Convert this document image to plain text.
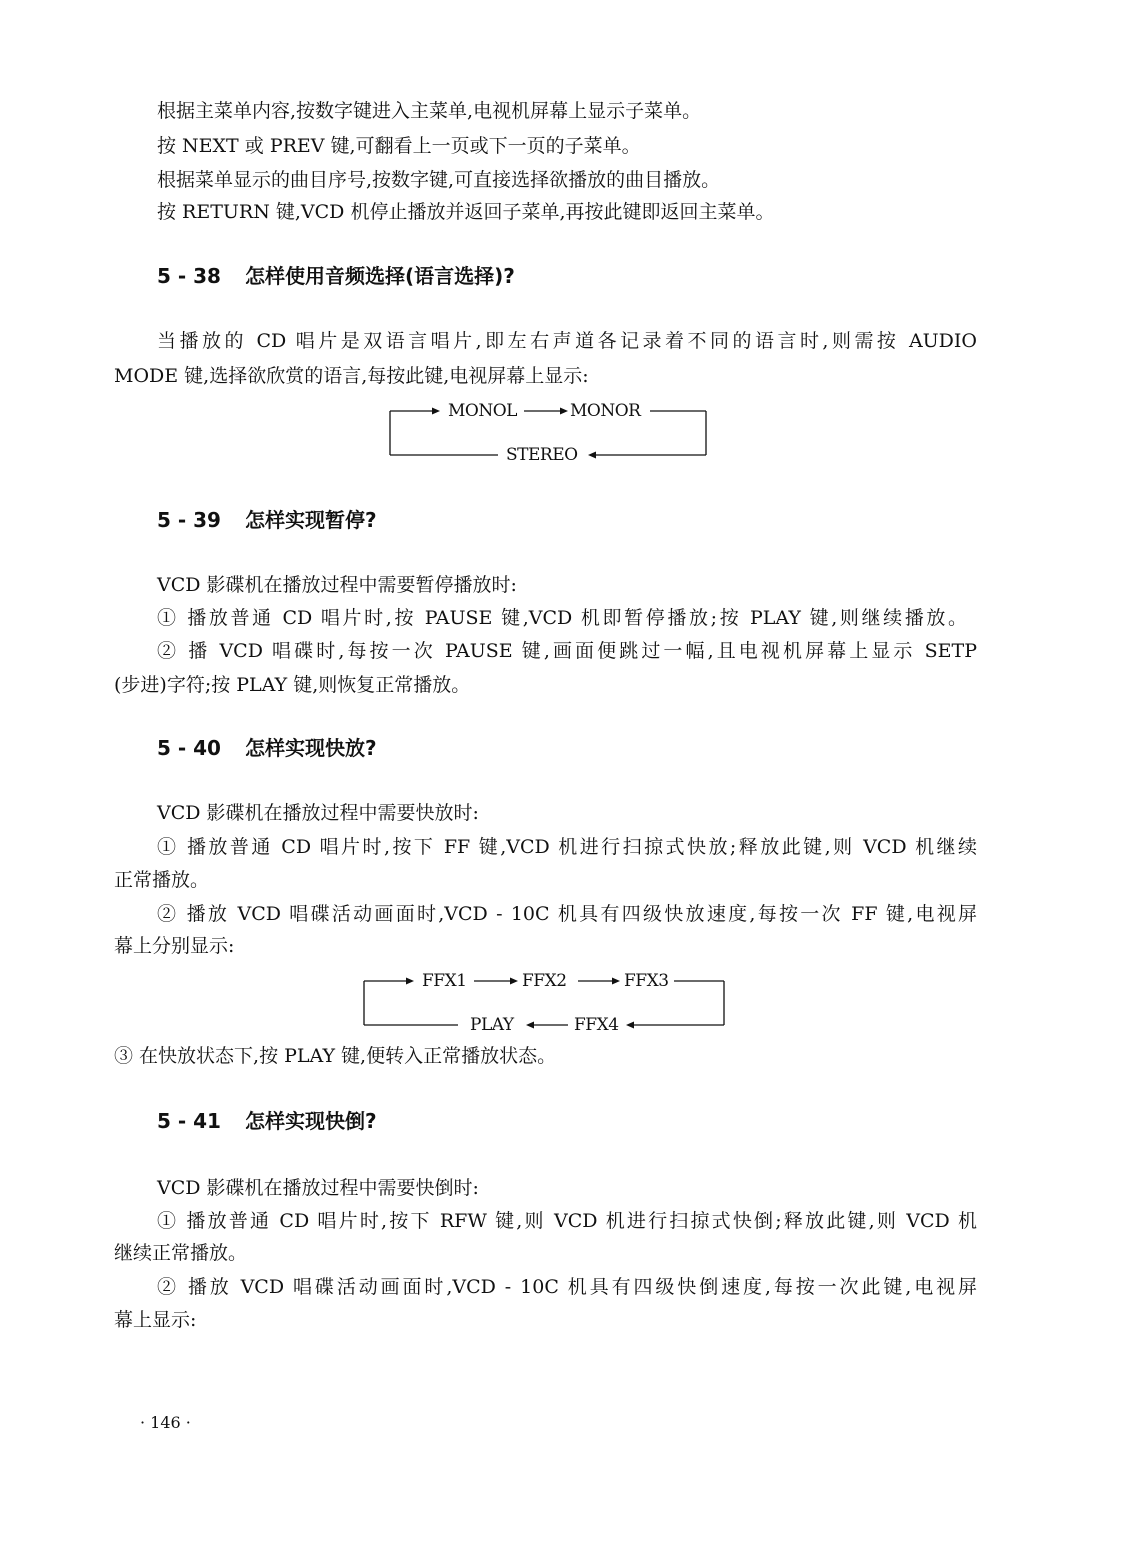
根据主菜单内容,按数字键进入主菜单,电视机屏幕上显示子菜单。
按 NEXT 或 PREV 键,可翻看上一页或下一页的子菜单。
根据菜单显示的曲目序号,按数字键,可直接选择欲播放的曲目播放。
按 RETURN 键,VCD 机停止播放并返回子菜单,再按此键即返回主菜单。
5 - 38 怎样使用音频选择(语言选择)?
当播放的 CD 唱片是双语言唱片,即左右声道各记录着不同的语言时,则需按 AUDIO
MODE 键,选择欲欣赏的语言,每按此键,电视屏幕上显示:
MONOL	MONOR
STEREO
5 - 39 怎样实现暂停?
VCD 影碟机在播放过程中需要暂停播放时:
① 播放普通 CD 唱片时,按 PAUSE 键,VCD 机即暂停播放;按 PLAY 键,则继续播放。
② 播 VCD 唱碟时,每按一次 PAUSE 键,画面便跳过一幅,且电视机屏幕上显示 SETP
(步进)字符;按 PLAY 键,则恢复正常播放。
5 - 40 怎样实现快放?
VCD 影碟机在播放过程中需要快放时:
① 播放普通 CD 唱片时,按下 FF 键,VCD 机进行扫掠式快放;释放此键,则 VCD 机继续
正常播放。
② 播放 VCD 唱碟活动画面时,VCD - 10C 机具有四级快放速度,每按一次 FF 键,电视屏
幕上分别显示:
FFX1	FFX2	FFX3
FFX4
PLAY
③ 在快放状态下,按 PLAY 键,便转入正常播放状态。
5 - 41 怎样实现快倒?
VCD 影碟机在播放过程中需要快倒时:
① 播放普通 CD 唱片时,按下 RFW 键,则 VCD 机进行扫掠式快倒;释放此键,则 VCD 机
继续正常播放。
② 播放 VCD 唱碟活动画面时,VCD - 10C 机具有四级快倒速度,每按一次此键,电视屏
幕上显示:
· 146 ·
